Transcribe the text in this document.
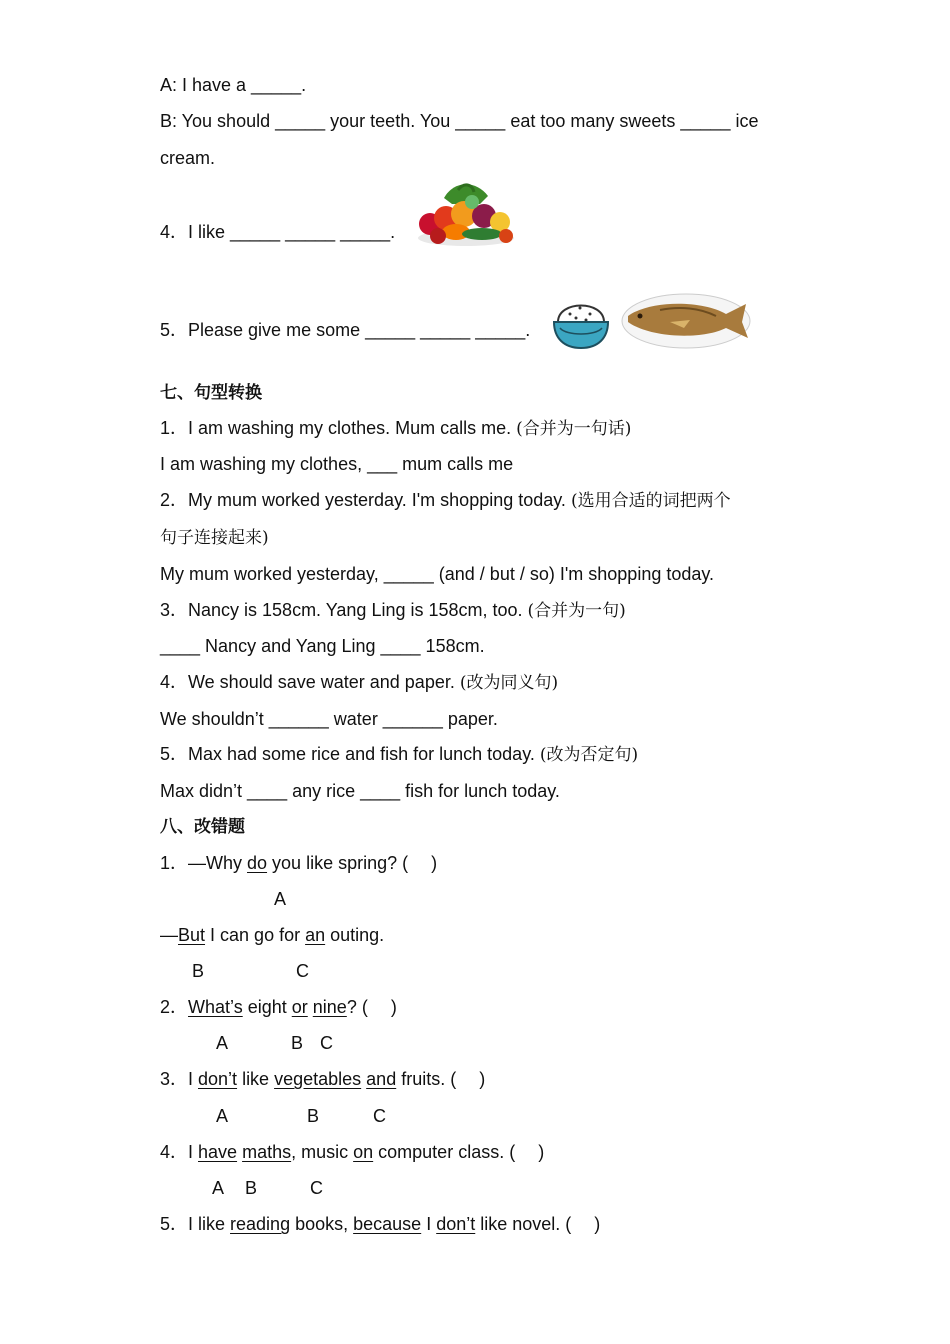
A: I have a _____.
B: You should _____ your teeth. You _____ eat too many sweets _____ ice
cream.
4．I like _____ _____ _____.
5．Please give me some _____ _____ _____.
七、句型转换
1．I am washing my clothes. Mum calls me. (合并为一句话)
I am washing my clothes, ___ mum calls me
2．My mum worked yesterday. I'm shopping today. (选用合适的词把两个
句子连接起来)
My mum worked yesterday, _____ (and / but / so) I'm shopping today.
3．Nancy is 158cm. Yang Ling is 158cm, too. (合并为一句)
____ Nancy and Yang Ling ____ 158cm.
4．We should save water and paper. (改为同义句)
We shouldn’t ______ water ______ paper.
5．Max had some rice and fish for lunch today. (改为否定句)
Max didn’t ____ any rice ____ fish for lunch today.
八、改错题
1．—Why do you like spring? (　 )
A
—But I can go for an outing.
B	C
2．What’s eight or nine? (　 )
A	B C
3．I don’t like vegetables and fruits. (　 )
A	B	C
4．I have maths, music on computer class. (　 )
A B	C
5．I like reading books, because I don’t like novel. (　 )
